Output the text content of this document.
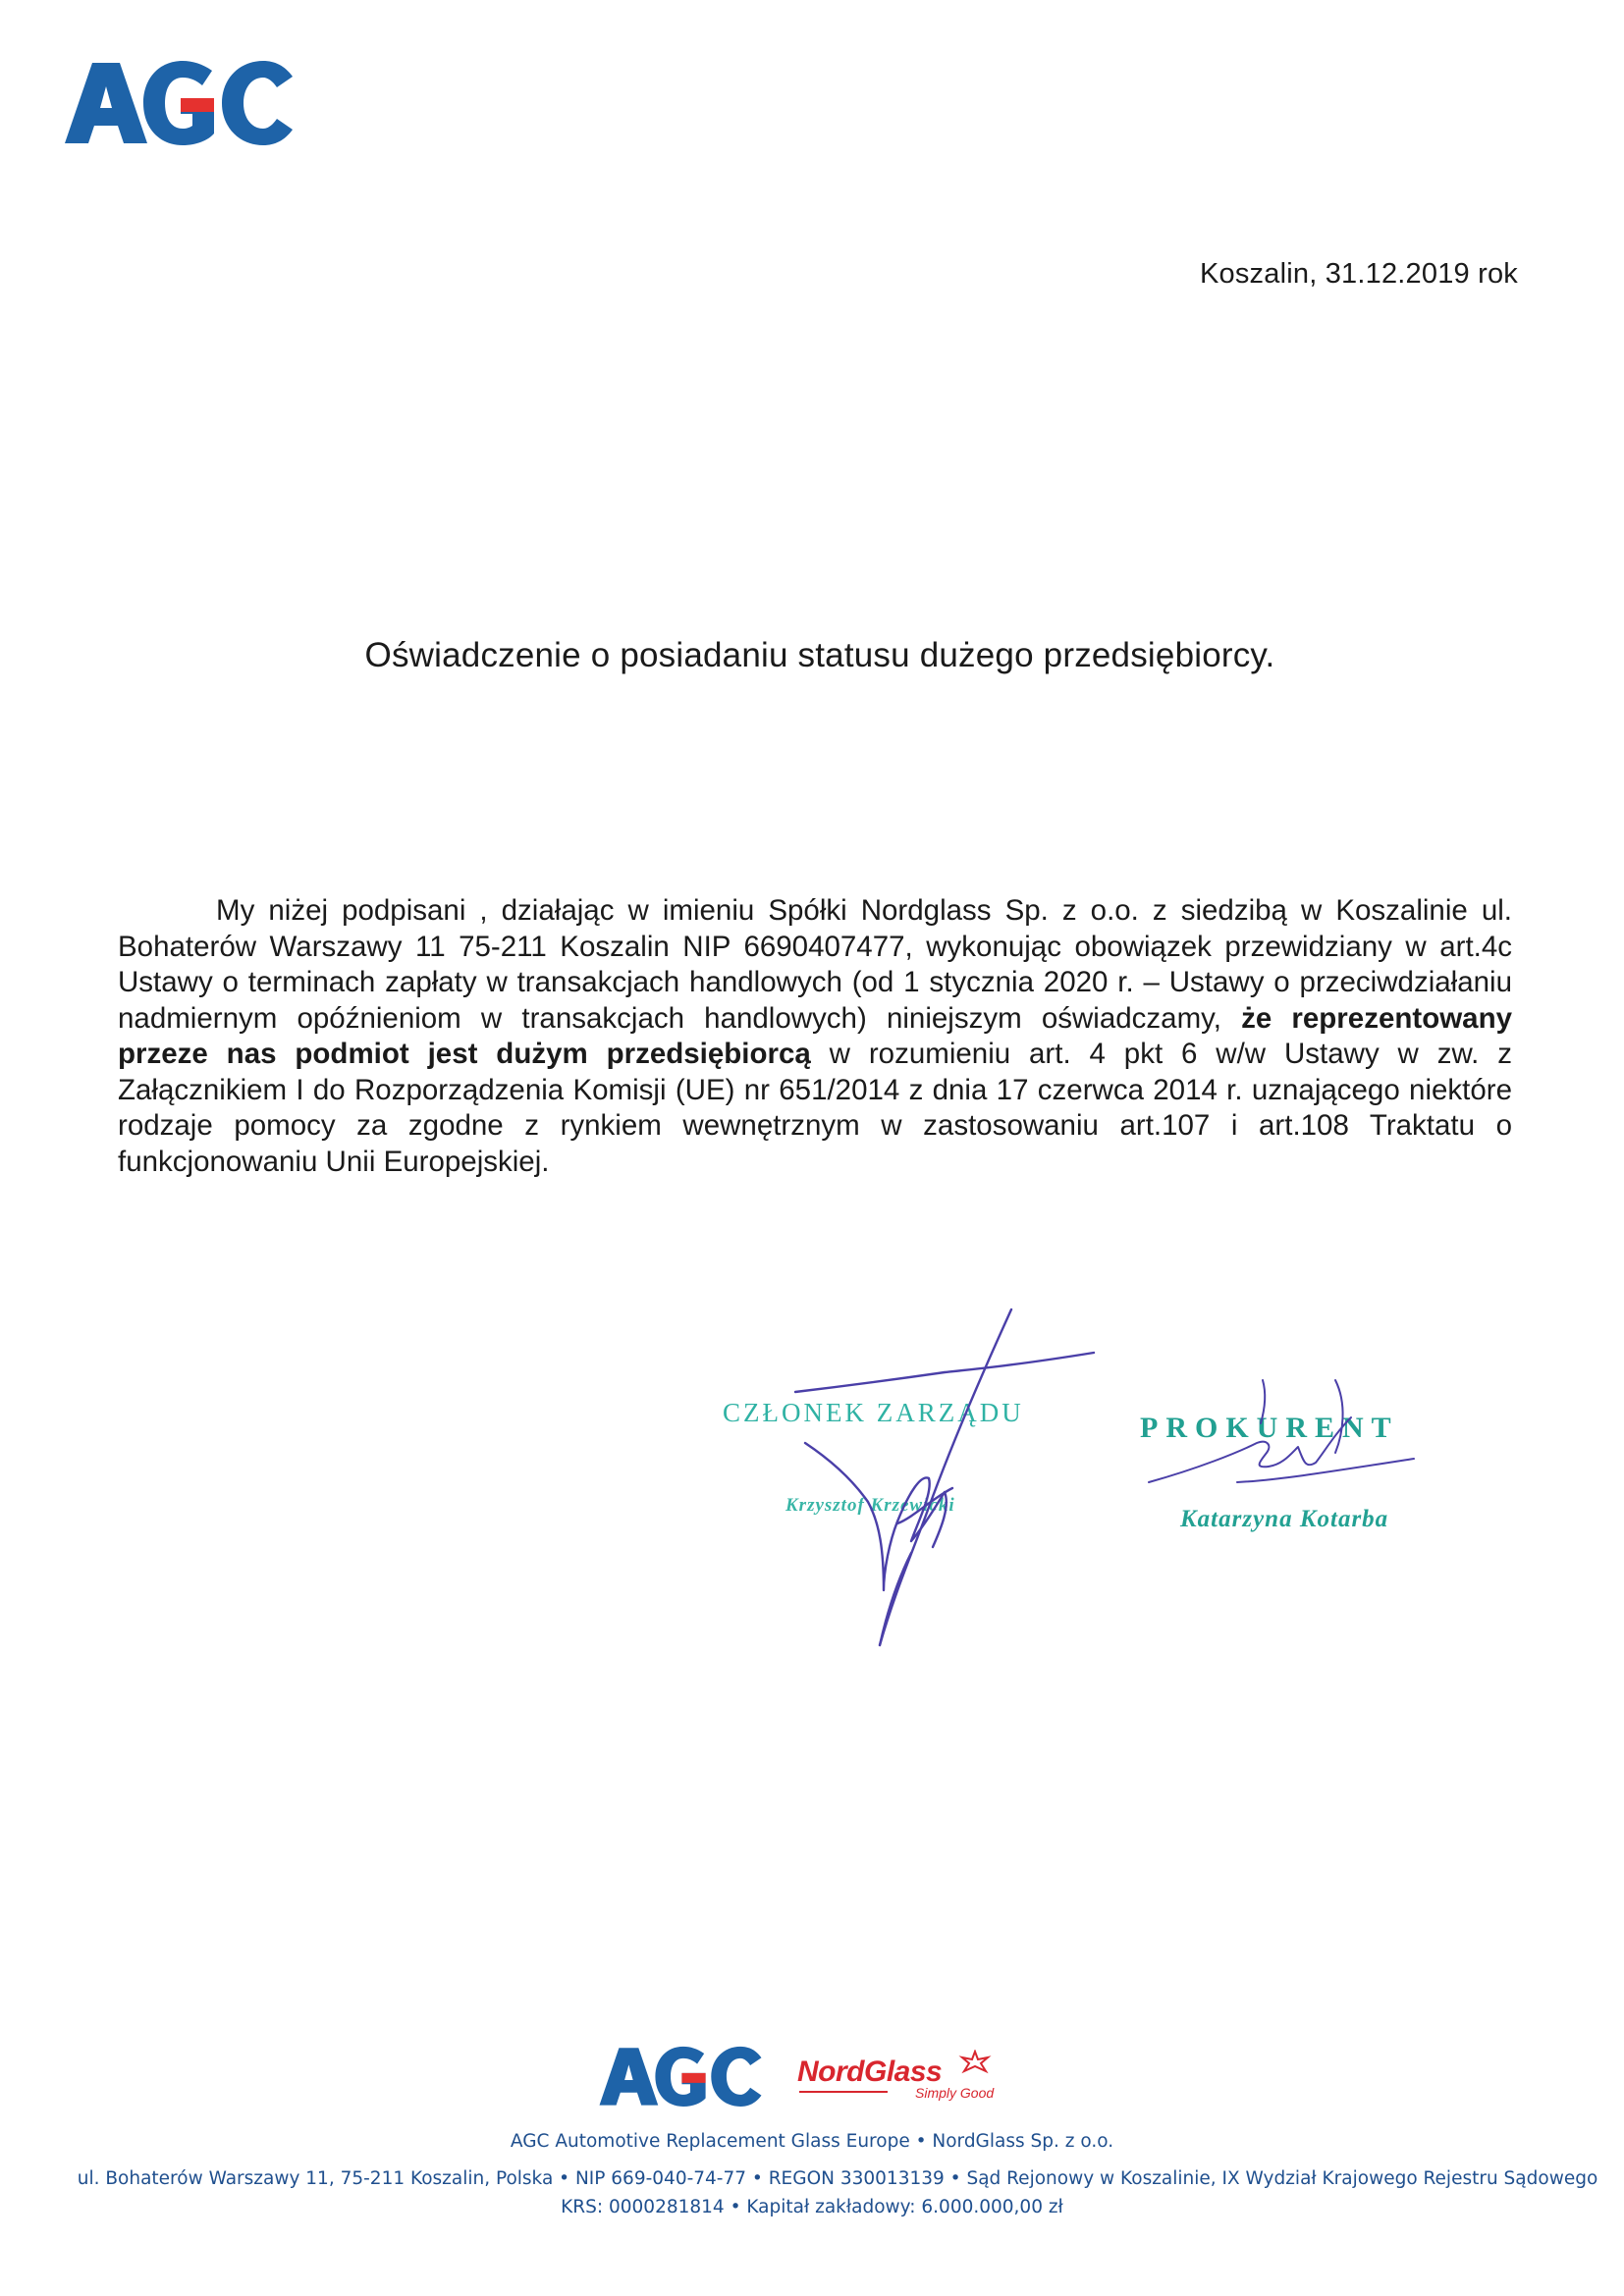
Koszalin, 31.12.2019 rok
Oświadczenie o posiadaniu statusu dużego przedsiębiorcy.
My niżej podpisani , działając w imieniu Spółki Nordglass Sp. z o.o. z siedzibą w Koszalinie ul. Bohaterów Warszawy 11 75-211 Koszalin NIP 6690407477, wykonując obowiązek przewidziany w art.4c Ustawy o terminach zapłaty w transakcjach handlowych (od 1 stycznia 2020 r. – Ustawy o przeciwdziałaniu nadmiernym opóźnieniom w transakcjach handlowych) niniejszym oświadczamy, że reprezentowany przeze nas podmiot jest dużym przedsiębiorcą w rozumieniu art. 4 pkt 6 w/w Ustawy w zw. z Załącznikiem I do Rozporządzenia Komisji (UE) nr 651/2014 z dnia 17 czerwca 2014 r. uznającego niektóre rodzaje pomocy za zgodne z rynkiem wewnętrznym w zastosowaniu art.107 i art.108 Traktatu o funkcjonowaniu Unii Europejskiej.
CZŁONEK ZARZĄDU
Krzysztof Krzewicki
PROKURENT
Katarzyna Kotarba
NordGlass
Simply Good
AGC Automotive Replacement Glass Europe • NordGlass Sp. z o.o.
ul. Bohaterów Warszawy 11, 75-211 Koszalin, Polska • NIP 669-040-74-77 • REGON 330013139 • Sąd Rejonowy w Koszalinie, IX Wydział Krajowego Rejestru Sądowego
KRS: 0000281814 • Kapitał zakładowy: 6.000.000,00 zł
